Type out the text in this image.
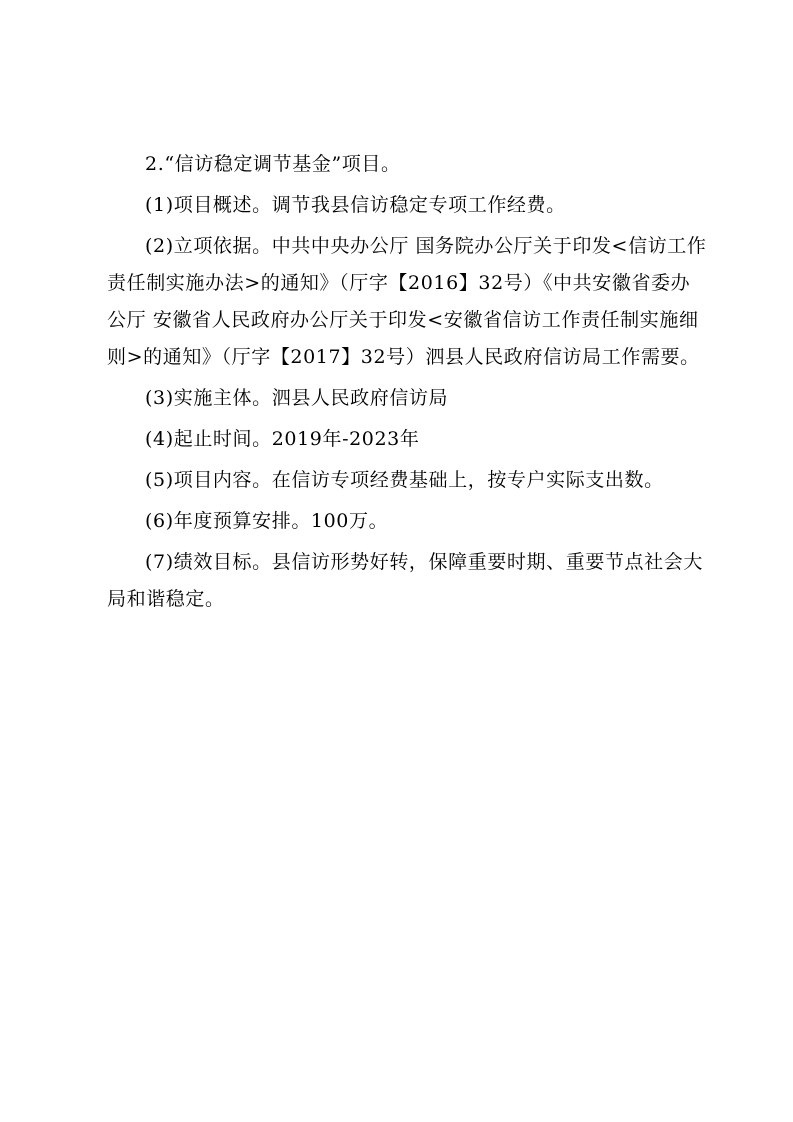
2.“信访稳定调节基金”项目。

(1)项目概述。调节我县信访稳定专项工作经费。

(2)立项依据。中共中央办公厅 国务院办公厅关于印发<信访工作责任制实施办法>的通知》（厅字【2016】32号）《中共安徽省委办公厅 安徽省人民政府办公厅关于印发<安徽省信访工作责任制实施细则>的通知》（厅字【2017】32号）泗县人民政府信访局工作需要。

(3)实施主体。泗县人民政府信访局

(4)起止时间。2019年-2023年

(5)项目内容。在信访专项经费基础上，按专户实际支出数。

(6)年度预算安排。100万。

(7)绩效目标。县信访形势好转，保障重要时期、重要节点社会大局和谐稳定。
